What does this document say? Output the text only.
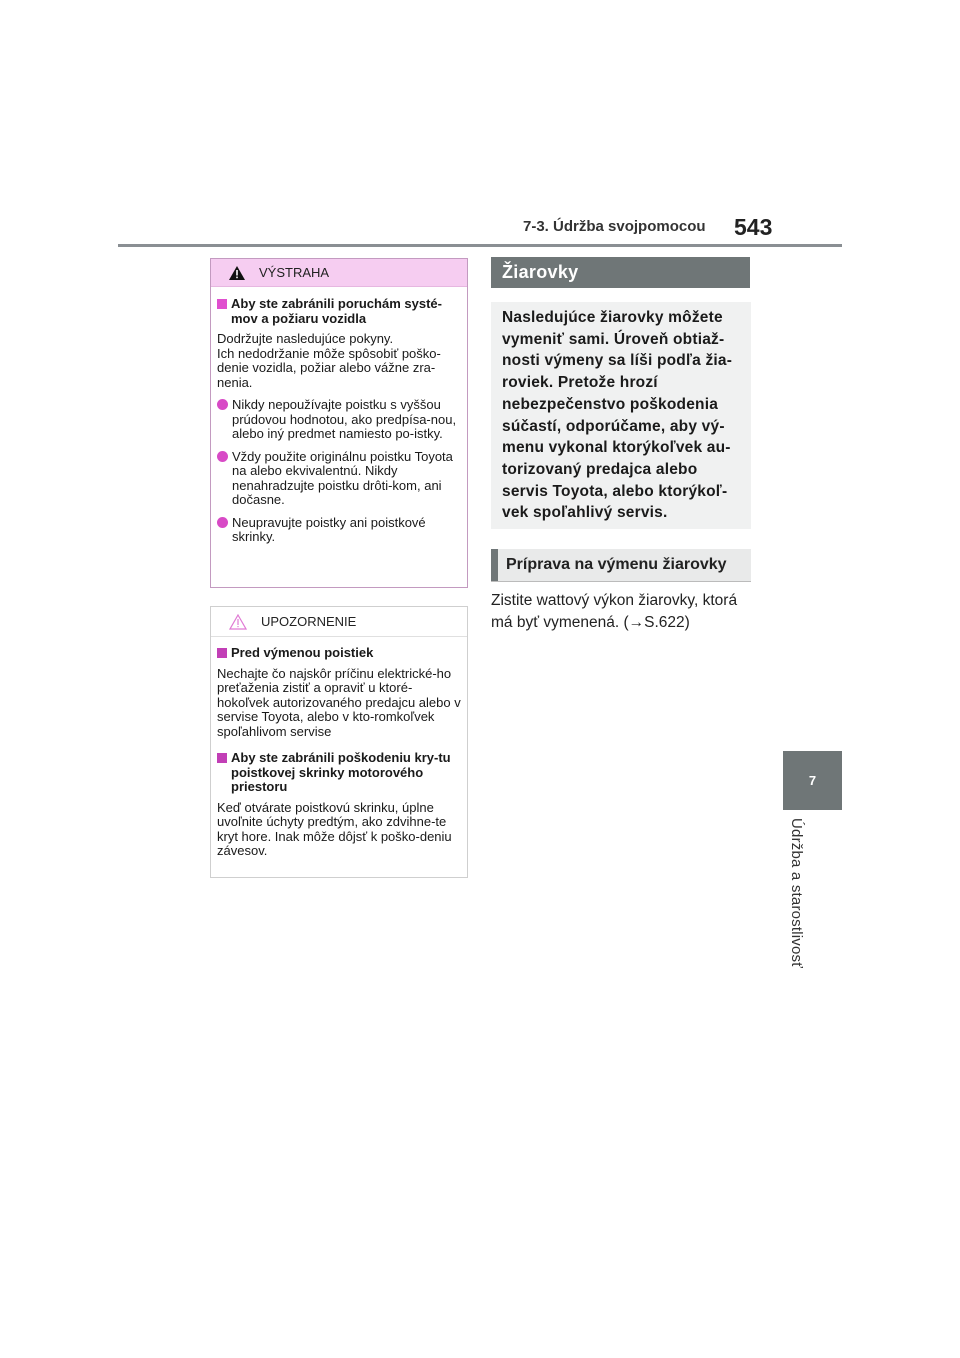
7-3. Údržba svojpomocou 543
7
Údržba a starostlivosť
VÝSTRAHA
Aby ste zabránili poruchám systé-mov a požiaru vozidla
Dodržujte nasledujúce pokyny.
Ich nedodržanie môže spôsobiť poško-denie vozidla, požiar alebo vážne zra-nenia.
Nikdy nepoužívajte poistku s vyššou prúdovou hodnotou, ako predpísa-nou, alebo iný predmet namiesto po-istky.
Vždy použite originálnu poistku Toyota na alebo ekvivalentnú. Nikdy nenahradzujte poistku drôti-kom, ani dočasne.
Neupravujte poistky ani poistkové skrinky.
UPOZORNENIE
Pred výmenou poistiek
Nechajte čo najskôr príčinu elektrické-ho preťaženia zistiť a opraviť u ktoré-hokoľvek autorizovaného predajcu alebo v servise Toyota, alebo v kto-romkoľvek spoľahlivom servise
Aby ste zabránili poškodeniu kry-tu poistkovej skrinky motorového priestoru
Keď otvárate poistkovú skrinku, úplne uvoľnite úchyty predtým, ako zdvihne-te kryt hore. Inak môže dôjsť k poško-deniu závesov.
Žiarovky
Nasledujúce žiarovky môžete vymeniť sami. Úroveň obtiaž-nosti výmeny sa líši podľa žia-roviek. Pretože hrozí nebezpečenstvo poškodenia súčastí, odporúčame, aby vý-menu vykonal ktorýkoľvek au-torizovaný predajca alebo servis Toyota, alebo ktorýkoľ-vek spoľahlivý servis.
Príprava na výmenu žiarovky
Zistite wattový výkon žiarovky, ktorá má byť vymenená. (→S.622)
